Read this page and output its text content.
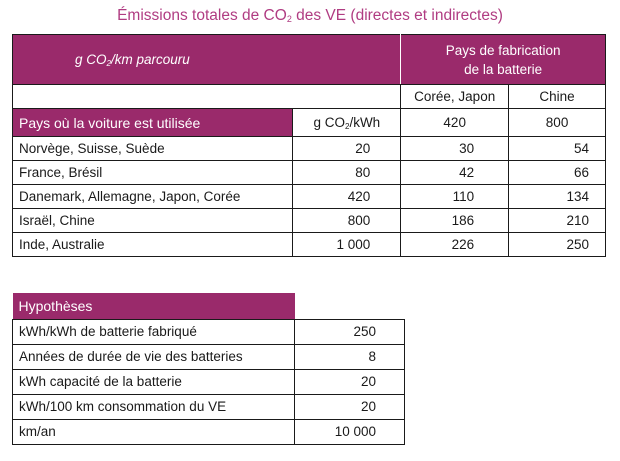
Émissions totales de $CO_2$ des VE (directes et indirectes)
g $CO_2/km$ parcouru		Pays de fabrication
de la batterie	
		Corée, Japon	Chine
Pays où la voiture est utilisée	g $CO_2$/kWh	420	800
Norvège, Suisse, Suède	20	30	54
France, Brésil	80	42	66
Danemark, Allemagne, Japon, Corée	420	110	134
Israël, Chine	800	186	210
Inde, Australie	1 000	226	250
Hypothèses	
kWh/kWh de batterie fabriqué	250
Années de durée de vie des batteries	8
kWh capacité de la batterie	20
kWh/100 km consommation du VE	20
km/an	10 000
